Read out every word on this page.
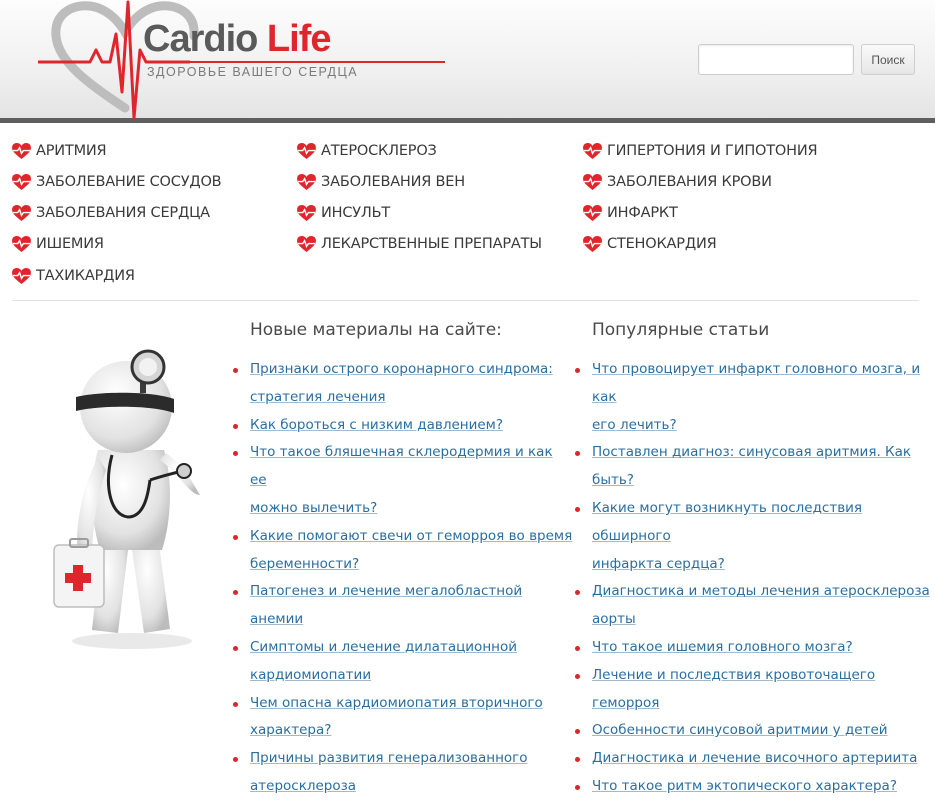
Cardio Life
ЗДОРОВЬЕ ВАШЕГО СЕРДЦА
Поиск
АРИТМИЯ
ЗАБОЛЕВАНИЕ СОСУДОВ
ЗАБОЛЕВАНИЯ СЕРДЦА
ИШЕМИЯ
ТАХИКАРДИЯ
АТЕРОСКЛЕРОЗ
ЗАБОЛЕВАНИЯ ВЕН
ИНСУЛЬТ
ЛЕКАРСТВЕННЫЕ ПРЕПАРАТЫ
ГИПЕРТОНИЯ И ГИПОТОНИЯ
ЗАБОЛЕВАНИЯ КРОВИ
ИНФАРКТ
СТЕНОКАРДИЯ
Новые материалы на сайте:
Признаки острого коронарного синдрома:
стратегия лечения
Как бороться с низким давлением?
Что такое бляшечная склеродермия и как ее
можно вылечить?
Какие помогают свечи от геморроя во время
беременности?
Патогенез и лечение мегалобластной анемии
Симптомы и лечение дилатационной
кардиомиопатии
Чем опасна кардиомиопатия вторичного
характера?
Причины развития генерализованного
атеросклероза
Популярные статьи
Что провоцирует инфаркт головного мозга, и как
его лечить?
Поставлен диагноз: синусовая аритмия. Как
быть?
Какие могут возникнуть последствия обширного
инфаркта сердца?
Диагностика и методы лечения атеросклероза
аорты
Что такое ишемия головного мозга?
Лечение и последствия кровоточащего геморроя
Особенности синусовой аритмии у детей
Диагностика и лечение височного артериита
Что такое ритм эктопического характера?
